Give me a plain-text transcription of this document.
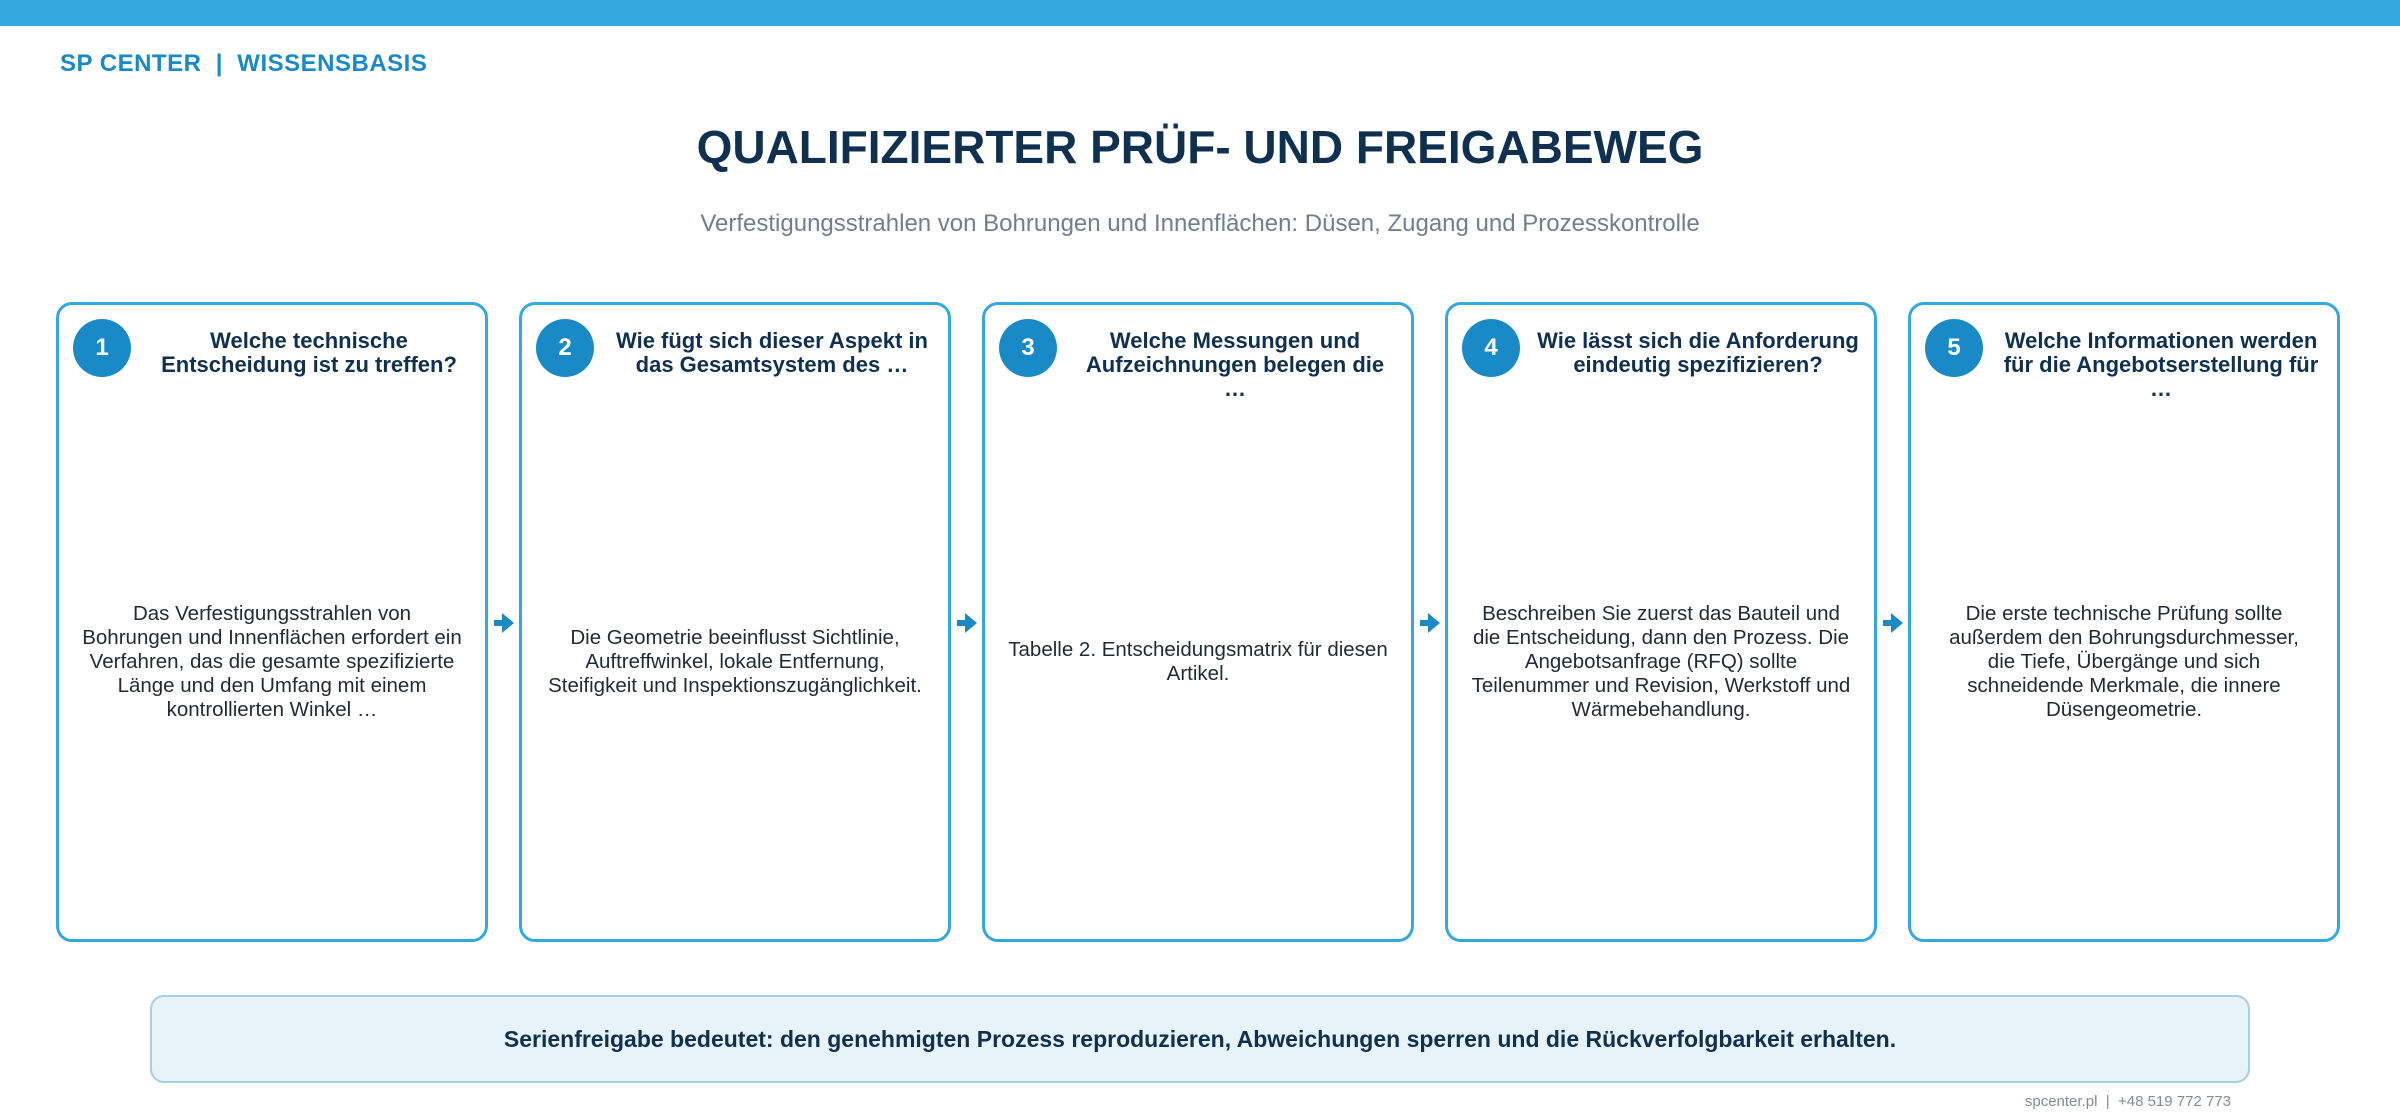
SP CENTER  |  WISSENSBASIS
QUALIFIZIERTER PRÜF- UND FREIGABEWEG
Verfestigungsstrahlen von Bohrungen und Innenflächen: Düsen, Zugang und Prozesskontrolle
1	Welche technische Entscheidung ist zu treffen?
Das Verfestigungsstrahlen von Bohrungen und Innenflächen erfordert ein Verfahren, das die gesamte spezifizierte Länge und den Umfang mit einem kontrollierten Winkel …
2	Wie fügt sich dieser Aspekt in das Gesamtsystem des …
Die Geometrie beeinflusst Sichtlinie, Auftreffwinkel, lokale Entfernung, Steifigkeit und Inspektionszugänglichkeit.
3	Welche Messungen und Aufzeichnungen belegen die …
Tabelle 2. Entscheidungsmatrix für diesen Artikel.
4	Wie lässt sich die Anforderung eindeutig spezifizieren?
Beschreiben Sie zuerst das Bauteil und die Entscheidung, dann den Prozess. Die Angebotsanfrage (RFQ) sollte Teilenummer und Revision, Werkstoff und Wärmebehandlung.
5	Welche Informationen werden für die Angebotserstellung für …
Die erste technische Prüfung sollte außerdem den Bohrungsdurchmesser, die Tiefe, Übergänge und sich schneidende Merkmale, die innere Düsengeometrie.
Serienfreigabe bedeutet: den genehmigten Prozess reproduzieren, Abweichungen sperren und die Rückverfolgbarkeit erhalten.
spcenter.pl  |  +48 519 772 773
